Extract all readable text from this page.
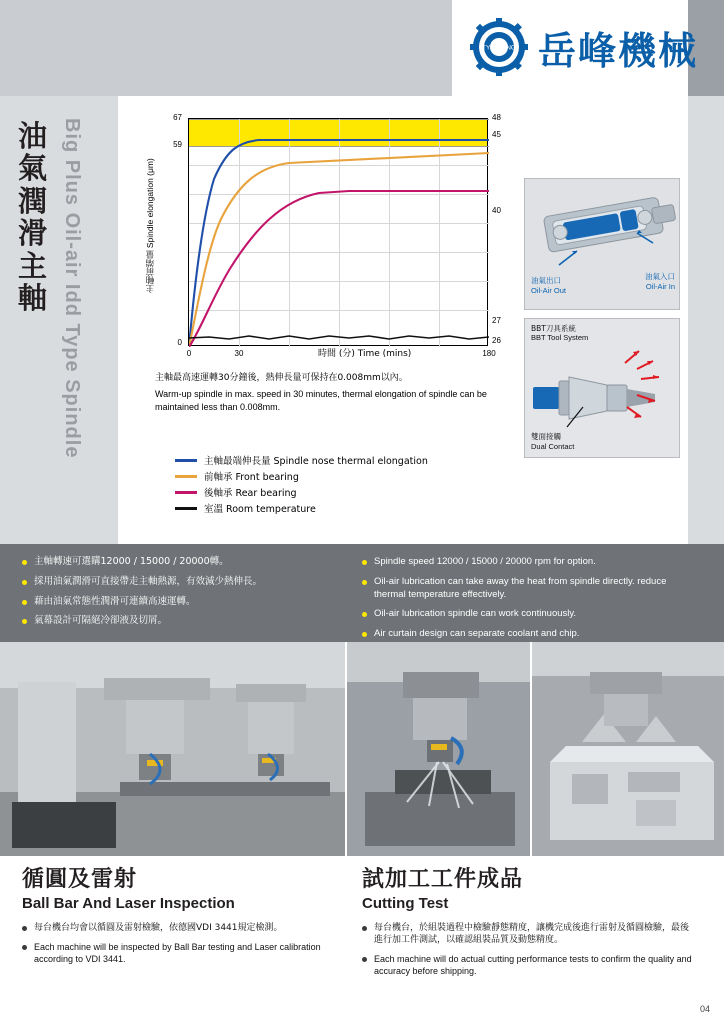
TYE HONG 岳峰機械
油氣潤滑主軸 Big Plus Oil-air Idd Type Spindle	主軸前端量 Spindle elongation (μm)
67
59
0
48
45
40
27
26
0	30	180
時間 (分) Time (mins)
主軸最高速運轉30分鐘後，熱伸長量可保持在0.008mm以內。
Warm-up spindle in max. speed in 30 minutes, thermal elongation of spindle can be maintained less than 0.008mm.
主軸最端伸長量 Spindle nose thermal elongation
前軸承 Front bearing
後軸承 Rear bearing
室溫 Room temperature
油氣入口
Oil-Air In
油氣出口
Oil-Air Out
BBT刀具系統
BBT Tool System
雙面接觸
Dual Contact
主軸轉速可選購12000 / 15000 / 20000轉。
採用油氣潤滑可直接帶走主軸熱源，有效減少熱伸長。
藉由油氣常態性潤滑可連續高速運轉。
氣幕設計可隔絕冷卻液及切屑。
Spindle speed 12000 / 15000 / 20000 rpm for option.
Oil-air lubrication can take away the heat from spindle directly. reduce thermal temperature effectively.
Oil-air lubrication spindle can work continuously.
Air curtain design can separate coolant and chip.
循圓及雷射
Ball Bar And Laser Inspection
每台機台均會以循圓及雷射檢驗，依德國VDI 3441規定檢測。
Each machine will be inspected by Ball Bar testing and Laser calibration according to VDI 3441.
試加工工件成品
Cutting Test
每台機台，於組裝過程中檢驗靜態精度，讓機完成後進行雷射及循圓檢驗，最後進行加工件測試，以確認組裝品質及動態精度。
Each machine will do actual cutting performance tests to confirm the quality and accuracy before shipping.
04
